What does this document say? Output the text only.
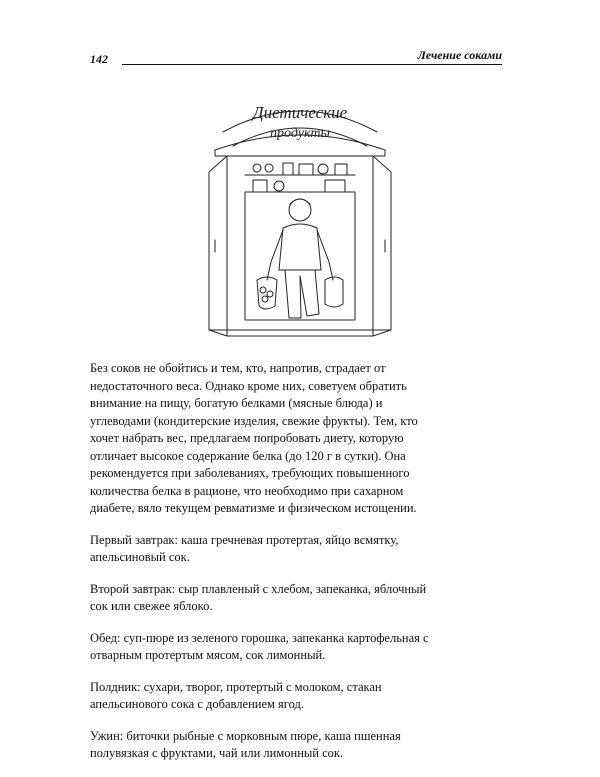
142	Лечение соками
Диетические
продукты

Без соков не обойтись и тем, кто, напротив, страдает от
недостаточного веса. Однако кроме них, советуем обратить
внимание на пищу, богатую белками (мясные блюда) и
углеводами (кондитерские изделия, свежие фрукты). Тем, кто
хочет набрать вес, предлагаем попробовать диету, которую
отличает высокое содержание белка (до 120 г в сутки). Она
рекомендуется при заболеваниях, требующих повышенного
количества белка в рационе, что необходимо при сахарном
диабете, вяло текущем ревматизме и физическом истощении.

Первый завтрак: каша гречневая протертая, яйцо всмятку,
апельсиновый сок.

Второй завтрак: сыр плавленый с хлебом, запеканка, яблочный
сок или свежее яблоко.

Обед: суп-пюре из зеленого горошка, запеканка картофельная с
отварным протертым мясом, сок лимонный.

Полдник: сухари, творог, протертый с молоком, стакан
апельсинового сока с добавлением ягод.

Ужин: биточки рыбные с морковным пюре, каша пшенная
полувязкая с фруктами, чай или лимонный сок.
